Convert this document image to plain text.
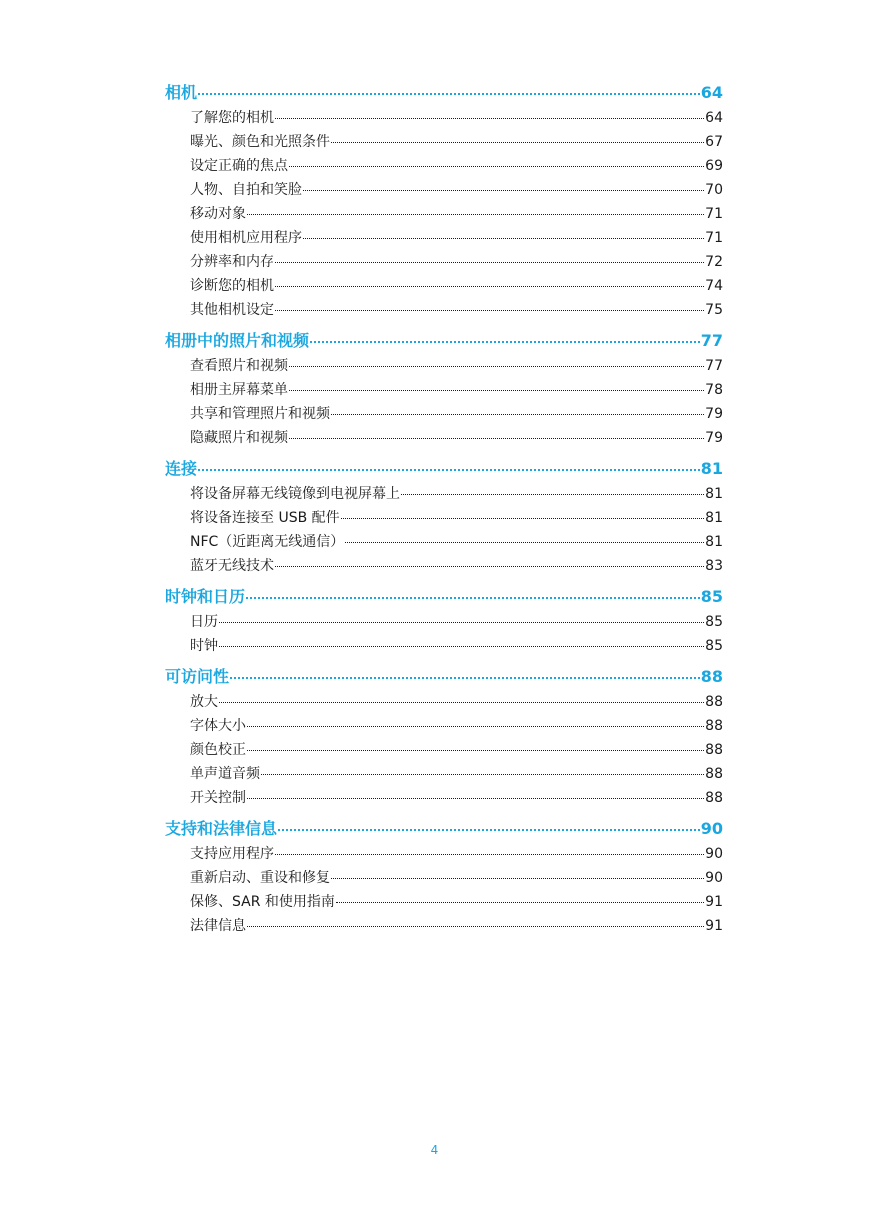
相机	64
了解您的相机	64
曝光、颜色和光照条件	67
设定正确的焦点	69
人物、自拍和笑脸	70
移动对象	71
使用相机应用程序	71
分辨率和内存	72
诊断您的相机	74
其他相机设定	75
相册中的照片和视频	77
查看照片和视频	77
相册主屏幕菜单	78
共享和管理照片和视频	79
隐藏照片和视频	79
连接	81
将设备屏幕无线镜像到电视屏幕上	81
将设备连接至 USB 配件	81
NFC（近距离无线通信）	81
蓝牙无线技术	83
时钟和日历	85
日历	85
时钟	85
可访问性	88
放大	88
字体大小	88
颜色校正	88
单声道音频	88
开关控制	88
支持和法律信息	90
支持应用程序	90
重新启动、重设和修复	90
保修、SAR 和使用指南	91
法律信息	91
4
